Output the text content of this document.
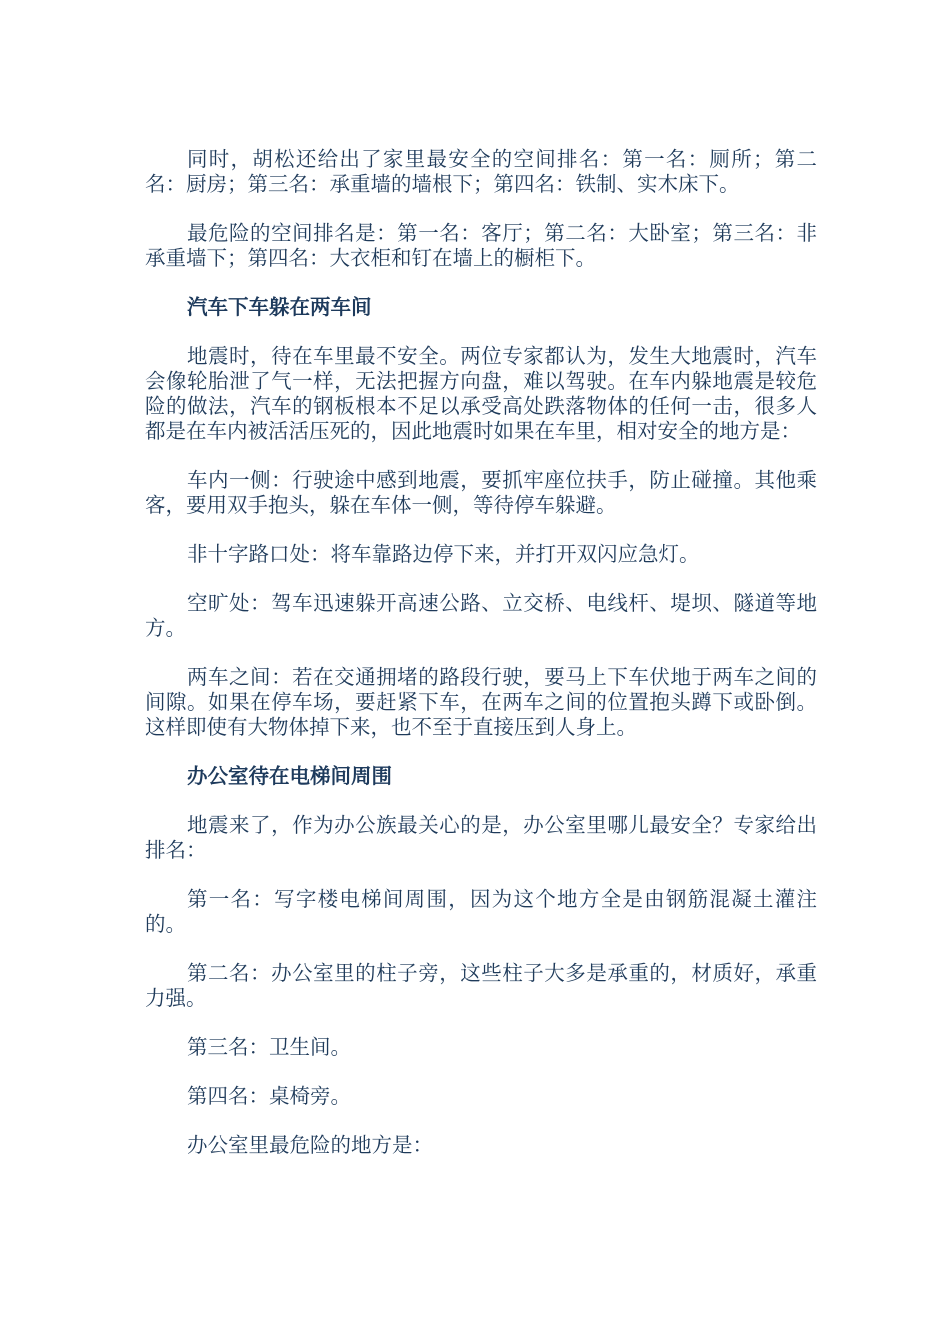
同时，胡松还给出了家里最安全的空间排名：第一名：厕所；第二名：厨房；第三名：承重墙的墙根下；第四名：铁制、实木床下。

最危险的空间排名是：第一名：客厅；第二名：大卧室；第三名：非承重墙下；第四名：大衣柜和钉在墙上的橱柜下。

汽车下车躲在两车间

地震时，待在车里最不安全。两位专家都认为，发生大地震时，汽车会像轮胎泄了气一样，无法把握方向盘，难以驾驶。在车内躲地震是较危险的做法，汽车的钢板根本不足以承受高处跌落物体的任何一击，很多人都是在车内被活活压死的，因此地震时如果在车里，相对安全的地方是：

车内一侧：行驶途中感到地震，要抓牢座位扶手，防止碰撞。其他乘客，要用双手抱头，躲在车体一侧，等待停车躲避。

非十字路口处：将车靠路边停下来，并打开双闪应急灯。

空旷处：驾车迅速躲开高速公路、立交桥、电线杆、堤坝、隧道等地方。

两车之间：若在交通拥堵的路段行驶，要马上下车伏地于两车之间的间隙。如果在停车场，要赶紧下车，在两车之间的位置抱头蹲下或卧倒。这样即使有大物体掉下来，也不至于直接压到人身上。

办公室待在电梯间周围

地震来了，作为办公族最关心的是，办公室里哪儿最安全？专家给出排名：

第一名：写字楼电梯间周围，因为这个地方全是由钢筋混凝土灌注的。

第二名：办公室里的柱子旁，这些柱子大多是承重的，材质好，承重力强。

第三名：卫生间。

第四名：桌椅旁。

办公室里最危险的地方是：
